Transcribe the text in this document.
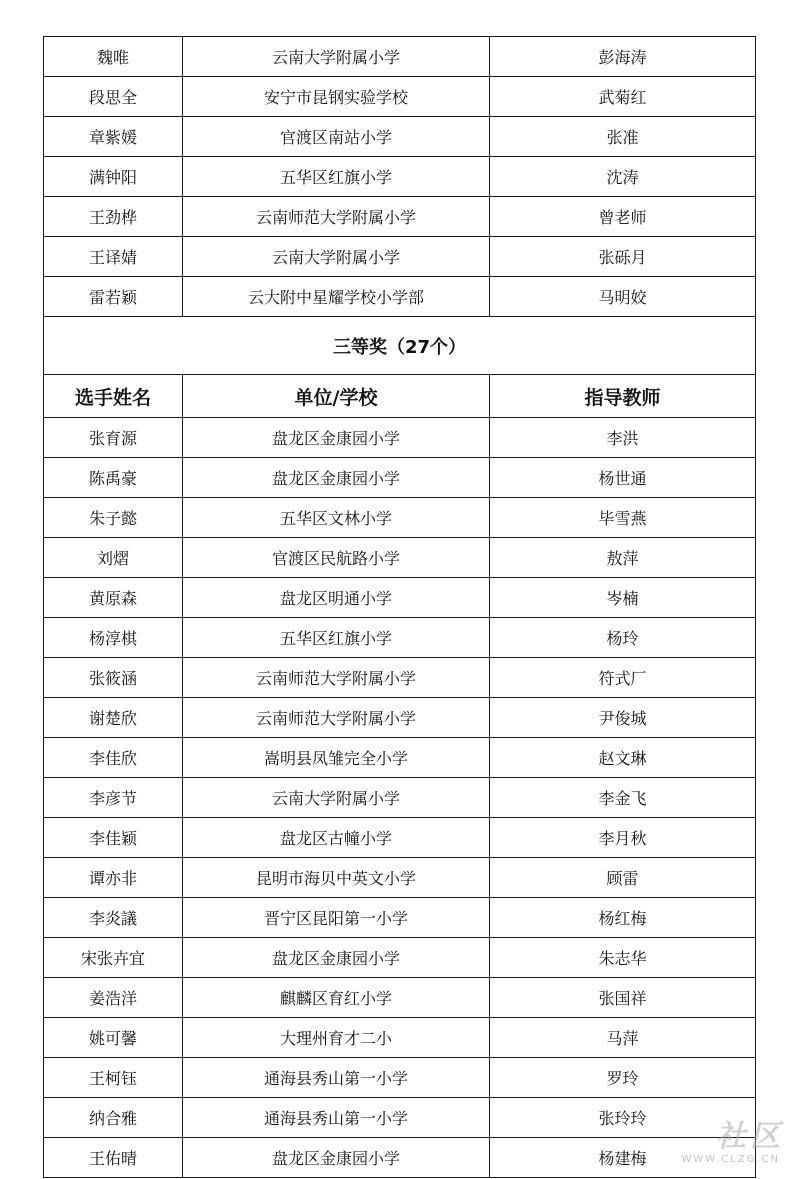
魏唯	云南大学附属小学	彭海涛
段思全	安宁市昆钢实验学校	武菊红
章紫媛	官渡区南站小学	张准
满钟阳	五华区红旗小学	沈涛
王劲桦	云南师范大学附属小学	曾老师
王译婧	云南大学附属小学	张砾月
雷若颖	云大附中星耀学校小学部	马明姣
三等奖（27个）		
选手姓名	单位/学校	指导教师
张育源	盘龙区金康园小学	李洪
陈禹豪	盘龙区金康园小学	杨世通
朱子懿	五华区文林小学	毕雪燕
刘熠	官渡区民航路小学	敖萍
黄原森	盘龙区明通小学	岑楠
杨淳棋	五华区红旗小学	杨玲
张筱涵	云南师范大学附属小学	符式厂
谢楚欣	云南师范大学附属小学	尹俊城
李佳欣	嵩明县凤雏完全小学	赵文琳
李彦节	云南大学附属小学	李金飞
李佳颖	盘龙区古幢小学	李月秋
谭亦非	昆明市海贝中英文小学	顾雷
李炎議	晋宁区昆阳第一小学	杨红梅
宋张卉宜	盘龙区金康园小学	朱志华
姜浩洋	麒麟区育红小学	张国祥
姚可馨	大理州育才二小	马萍
王柯钰	通海县秀山第一小学	罗玲
纳合雅	通海县秀山第一小学	张玲玲
王佑晴	盘龙区金康园小学	杨建梅
社区
WWW.CLZG.CN
